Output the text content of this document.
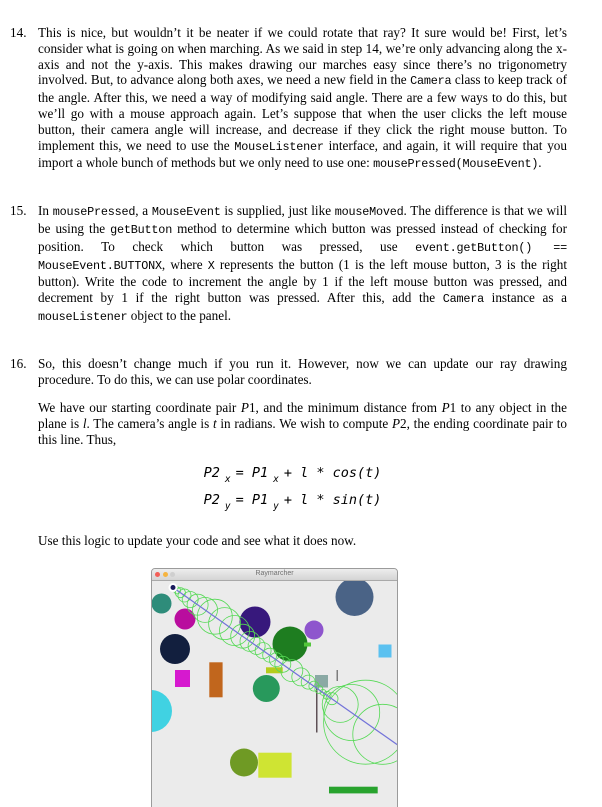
14. This is nice, but wouldn’t it be neater if we could rotate that ray? It sure would be! First, let’s consider what is going on when marching. As we said in step 14, we’re only advancing along the x-axis and not the y-axis. This makes drawing our marches easy since there’s no trigonometry involved. But, to advance along both axes, we need a new field in the Camera class to keep track of the angle. After this, we need a way of modifying said angle. There are a few ways to do this, but we’ll go with a mouse approach again. Let’s suppose that when the user clicks the left mouse button, their camera angle will increase, and decrease if they click the right mouse button. To implement this, we need to use the MouseListener interface, and again, it will require that you import a whole bunch of methods but we only need to use one: mousePressed(MouseEvent).

15. In mousePressed, a MouseEvent is supplied, just like mouseMoved. The difference is that we will be using the getButton method to determine which button was pressed instead of checking for position. To check which button was pressed, use event.getButton() == MouseEvent.BUTTONX, where X represents the button (1 is the left mouse button, 3 is the right button). Write the code to increment the angle by 1 if the left mouse button was pressed, and decrement by 1 if the right button was pressed. After this, add the Camera instance as a mouseListener object to the panel.

16. So, this doesn’t change much if you run it. However, now we can update our ray drawing procedure. To do this, we can use polar coordinates.

We have our starting coordinate pair P1, and the minimum distance from P1 to any object in the plane is l. The camera’s angle is t in radians. We wish to compute P2, the ending coordinate pair to this line. Thus,

P2 $_x$ = P1 $_x$ + l * cos(t)
P2 $_y$ = P1 $_y$ + l * sin(t)

Use this logic to update your code and see what it does now.

Raymarcher
